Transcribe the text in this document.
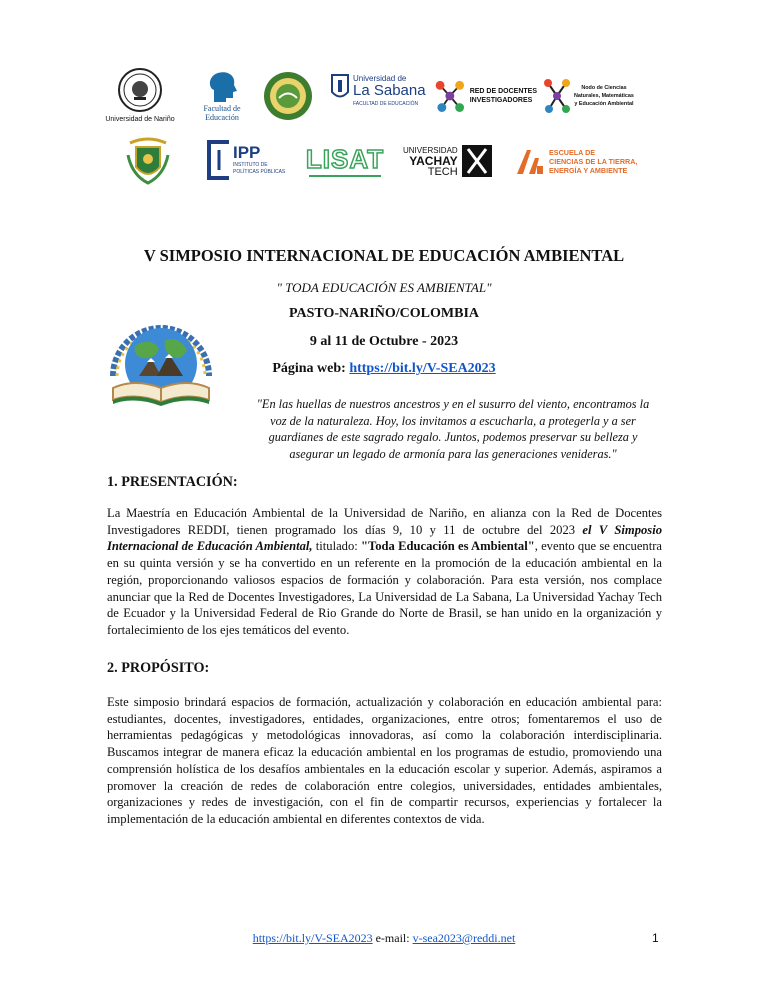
Universidad de Nariño
Facultad de
Educación
Universidad de
La Sabana
FACULTAD DE EDUCACIÓN
RED DE DOCENTES
INVESTIGADORES
Nodo de Ciencias
Naturales, Matemáticas
y Educación Ambiental
IPP
INSTITUTO DE
POLÍTICAS PÚBLICAS LISAT UNIVERSIDAD
YACHAY
TECH
ESCUELA DE
CIENCIAS DE LA TIERRA,
ENERGÍA Y AMBIENTE
V SIMPOSIO INTERNACIONAL DE EDUCACIÓN AMBIENTAL
" TODA EDUCACIÓN ES AMBIENTAL"
PASTO-NARIÑO/COLOMBIA
9 al 11 de Octubre - 2023
Página web: https://bit.ly/V-SEA2023
"En las huellas de nuestros ancestros y en el susurro del viento, encontramos la voz de la naturaleza. Hoy, los invitamos a escucharla, a protegerla y a ser guardianes de este sagrado regalo. Juntos, podemos preservar su belleza y asegurar un legado de armonía para las generaciones venideras."
1. PRESENTACIÓN:
La Maestría en Educación Ambiental de la Universidad de Nariño, en alianza con la Red de Docentes Investigadores REDDI, tienen programado los días 9, 10 y 11 de octubre del 2023 el V Simposio Internacional de Educación Ambiental, titulado: "Toda Educación es Ambiental", evento que se encuentra en su quinta versión y se ha convertido en un referente en la promoción de la educación ambiental en la región, proporcionando valiosos espacios de formación y colaboración. Para esta versión, nos complace anunciar que la Red de Docentes Investigadores, La Universidad de La Sabana, La Universidad Yachay Tech de Ecuador y la Universidad Federal de Rio Grande do Norte de Brasil, se han unido en la organización y fortalecimiento de los ejes temáticos del evento.
2. PROPÓSITO:
Este simposio brindará espacios de formación, actualización y colaboración en educación ambiental para: estudiantes, docentes, investigadores, entidades, organizaciones, entre otros; fomentaremos el uso de herramientas pedagógicas y metodológicas innovadoras, así como la colaboración interdisciplinaria. Buscamos integrar de manera eficaz la educación ambiental en los programas de estudio, promoviendo una comprensión holística de los desafíos ambientales en la educación escolar y superior. Además, aspiramos a promover la creación de redes de colaboración entre colegios, universidades, entidades ambientales, organizaciones y redes de investigación, con el fin de compartir recursos, experiencias y fortalecer la implementación de la educación ambiental en diferentes contextos de vida.
https://bit.ly/V-SEA2023 e-mail: v-sea2023@reddi.net	1
